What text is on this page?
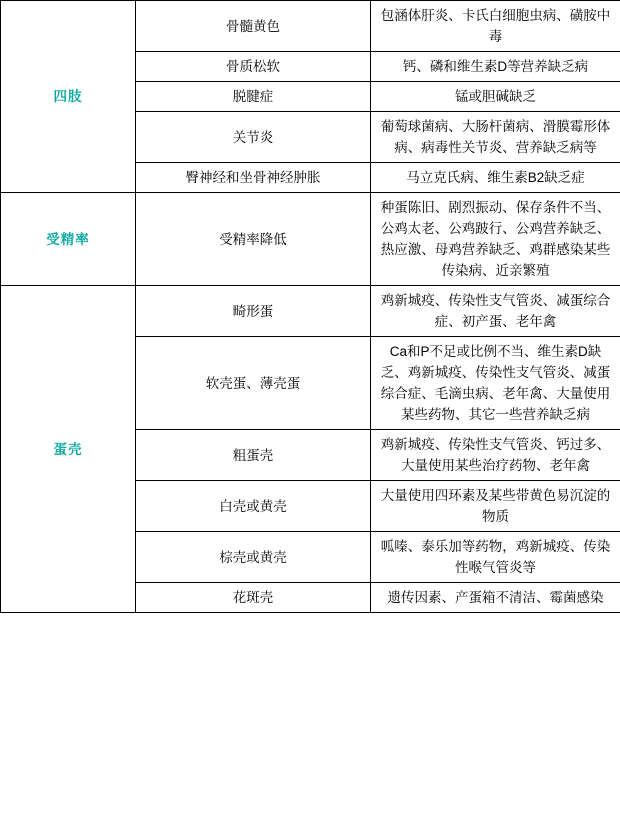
四肢	骨髓黄色	包涵体肝炎、卡氏白细胞虫病、磺胺中毒
	骨质松软	钙、磷和维生素D等营养缺乏病
	脱腱症	锰或胆碱缺乏
	关节炎	葡萄球菌病、大肠杆菌病、滑膜霉形体病、病毒性关节炎、营养缺乏病等
	臀神经和坐骨神经肿胀	马立克氏病、维生素B2缺乏症
受精率	受精率降低	种蛋陈旧、剧烈振动、保存条件不当、公鸡太老、公鸡跛行、公鸡营养缺乏、热应激、母鸡营养缺乏、鸡群感染某些传染病、近亲繁殖
蛋壳	畸形蛋	鸡新城疫、传染性支气管炎、减蛋综合症、初产蛋、老年禽
	软壳蛋、薄壳蛋	Ca和P不足或比例不当、维生素D缺乏、鸡新城疫、传染性支气管炎、减蛋综合症、毛滴虫病、老年禽、大量使用某些药物、其它一些营养缺乏病
	粗蛋壳	鸡新城疫、传染性支气管炎、钙过多、大量使用某些治疗药物、老年禽
	白壳或黄壳	大量使用四环素及某些带黄色易沉淀的物质
	棕壳或黄壳	呱嗪、泰乐加等药物，鸡新城疫、传染性喉气管炎等
	花斑壳	遗传因素、产蛋箱不清洁、霉菌感染
